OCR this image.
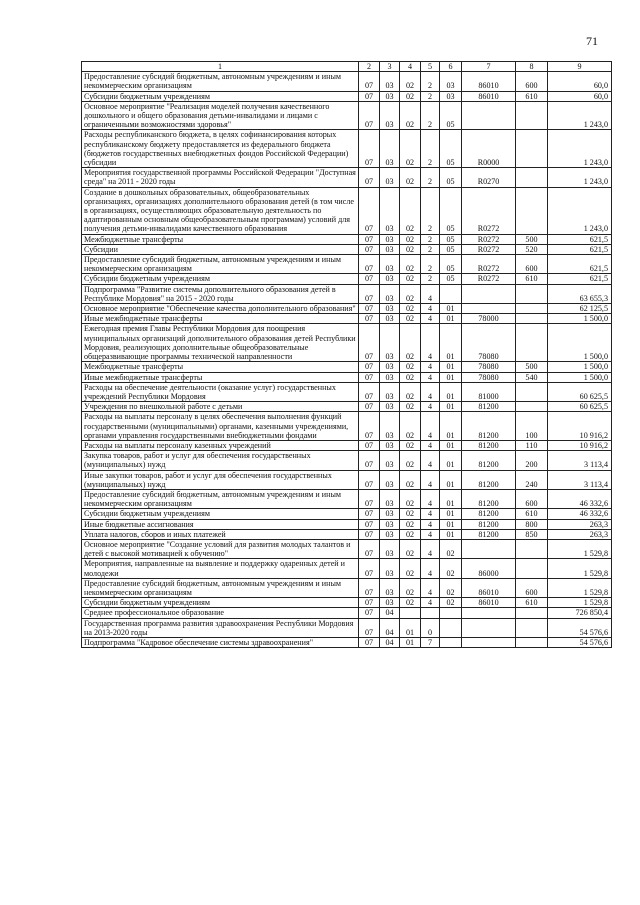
71
1	2	3	4	5	6	7	8	9
Предоставление субсидий бюджетным, автономным учреждениям и иным некоммерческим организациям	07	03	02	2	03	86010	600	60,0
Субсидии бюджетным учреждениям	07	03	02	2	03	86010	610	60,0
Основное мероприятие "Реализация моделей получения качественного дошкольного и общего образования детьми-инвалидами и лицами с ограниченными возможностями здоровья"	07	03	02	2	05			1 243,0
Расходы республиканского бюджета, в целях софинансирования которых республиканскому бюджету предоставляется из федерального бюджета (бюджетов государственных внебюджетных фондов Российской Федерации) субсидии	07	03	02	2	05	R0000		1 243,0
Мероприятия государственной программы Российской Федерации "Доступная среда" на 2011 - 2020 годы	07	03	02	2	05	R0270		1 243,0
Создание в дошкольных образовательных, общеобразовательных организациях, организациях дополнительного образования детей (в том числе в организациях, осуществляющих образовательную деятельность по адаптированным основным общеобразовательным программам) условий для получения детьми-инвалидами качественного образования	07	03	02	2	05	R0272		1 243,0
Межбюджетные трансферты	07	03	02	2	05	R0272	500	621,5
Субсидии	07	03	02	2	05	R0272	520	621,5
Предоставление субсидий бюджетным, автономным учреждениям и иным некоммерческим организациям	07	03	02	2	05	R0272	600	621,5
Субсидии бюджетным учреждениям	07	03	02	2	05	R0272	610	621,5
Подпрограмма "Развитие системы дополнительного образования детей в Республике Мордовия" на 2015 - 2020 годы	07	03	02	4				63 655,3
Основное мероприятие "Обеспечение качества дополнительного образования"	07	03	02	4	01			62 125,5
Иные межбюджетные трансферты	07	03	02	4	01	78000		1 500,0
Ежегодная премия Главы Республики Мордовия для поощрения муниципальных организаций дополнительного образования детей Республики Мордовия, реализующих дополнительные общеобразовательные общеразвивающие программы технической направленности	07	03	02	4	01	78080		1 500,0
Межбюджетные трансферты	07	03	02	4	01	78080	500	1 500,0
Иные межбюджетные трансферты	07	03	02	4	01	78080	540	1 500,0
Расходы на обеспечение деятельности (оказание услуг) государственных учреждений Республики Мордовия	07	03	02	4	01	81000		60 625,5
Учреждения по внешкольной работе с детьми	07	03	02	4	01	81200		60 625,5
Расходы на выплаты персоналу в целях обеспечения выполнения функций государственными (муниципальными) органами, казенными учреждениями, органами управления государственными внебюджетными фондами	07	03	02	4	01	81200	100	10 916,2
Расходы на выплаты персоналу казенных учреждений	07	03	02	4	01	81200	110	10 916,2
Закупка товаров, работ и услуг для обеспечения государственных (муниципальных) нужд	07	03	02	4	01	81200	200	3 113,4
Иные закупки товаров, работ и услуг для обеспечения государственных (муниципальных) нужд	07	03	02	4	01	81200	240	3 113,4
Предоставление субсидий бюджетным, автономным учреждениям и иным некоммерческим организациям	07	03	02	4	01	81200	600	46 332,6
Субсидии бюджетным учреждениям	07	03	02	4	01	81200	610	46 332,6
Иные бюджетные ассигнования	07	03	02	4	01	81200	800	263,3
Уплата налогов, сборов и иных платежей	07	03	02	4	01	81200	850	263,3
Основное мероприятие "Создание условий для развития молодых талантов и детей с высокой мотивацией к обучению"	07	03	02	4	02			1 529,8
Мероприятия, направленные на выявление и поддержку одаренных детей и молодежи	07	03	02	4	02	86000		1 529,8
Предоставление субсидий бюджетным, автономным учреждениям и иным некоммерческим организациям	07	03	02	4	02	86010	600	1 529,8
Субсидии бюджетным учреждениям	07	03	02	4	02	86010	610	1 529,8
Среднее профессиональное образование	07	04						726 850,4
Государственная программа развития здравоохранения Республики Мордовия на 2013-2020 годы	07	04	01	0				54 576,6
Подпрограмма "Кадровое обеспечение системы здравоохранения"	07	04	01	7				54 576,6
